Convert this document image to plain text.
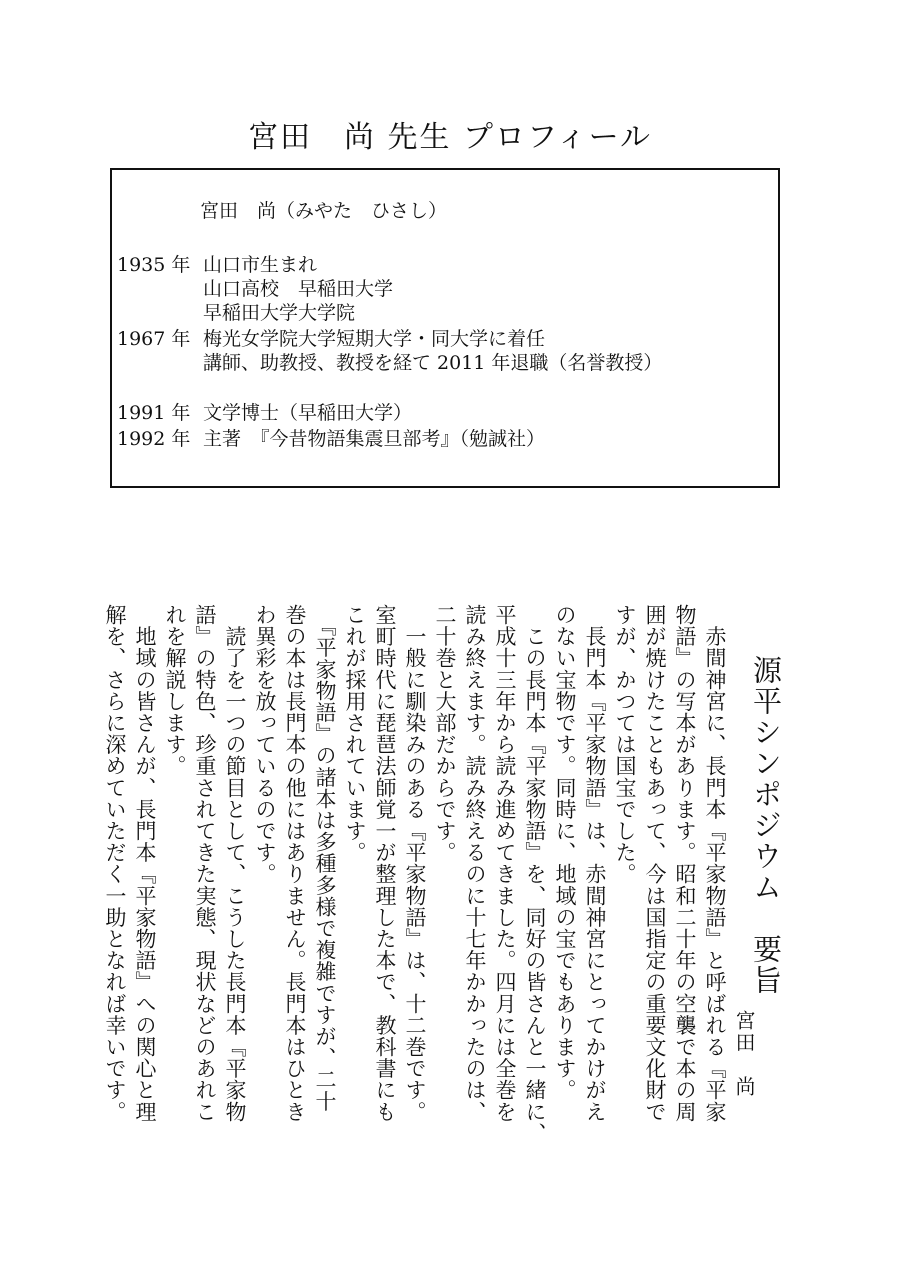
宮田　尚 先生 プロフィール
宮田　尚（みやた　ひさし）
1935 年 山口市生まれ
山口高校　早稲田大学
早稲田大学大学院
1967 年 梅光女学院大学短期大学・同大学に着任
講師、助教授、教授を経て 2011 年退職（名誉教授）
1991 年 文学博士（早稲田大学）
1992 年 主著　『今昔物語集震旦部考』（勉誠社）
源平シンポジウム　要旨
宮田　尚
　赤間神宮に、長門本『平家物語』と呼ばれる『平家
物語』の写本があります。昭和二十年の空襲で本の周
囲が焼けたこともあって、今は国指定の重要文化財で
すが、かつては国宝でした。
　長門本『平家物語』は、赤間神宮にとってかけがえ
のない宝物です。同時に、地域の宝でもあります。
　この長門本『平家物語』を、同好の皆さんと一緒に、
平成十三年から読み進めてきました。四月には全巻を
読み終えます。読み終えるのに十七年かかったのは、
二十巻と大部だからです。
　一般に馴染みのある『平家物語』は、十二巻です。
室町時代に琵琶法師覚一が整理した本で、教科書にも
これが採用されています。
　『平家物語』の諸本は多種多様で複雑ですが、二十
巻の本は長門本の他にはありません。長門本はひとき
わ異彩を放っているのです。
　読了を一つの節目として、こうした長門本『平家物
語』の特色、珍重されてきた実態、現状などのあれこ
れを解説します。
　地域の皆さんが、長門本『平家物語』への関心と理
解を、さらに深めていただく一助となれば幸いです。
